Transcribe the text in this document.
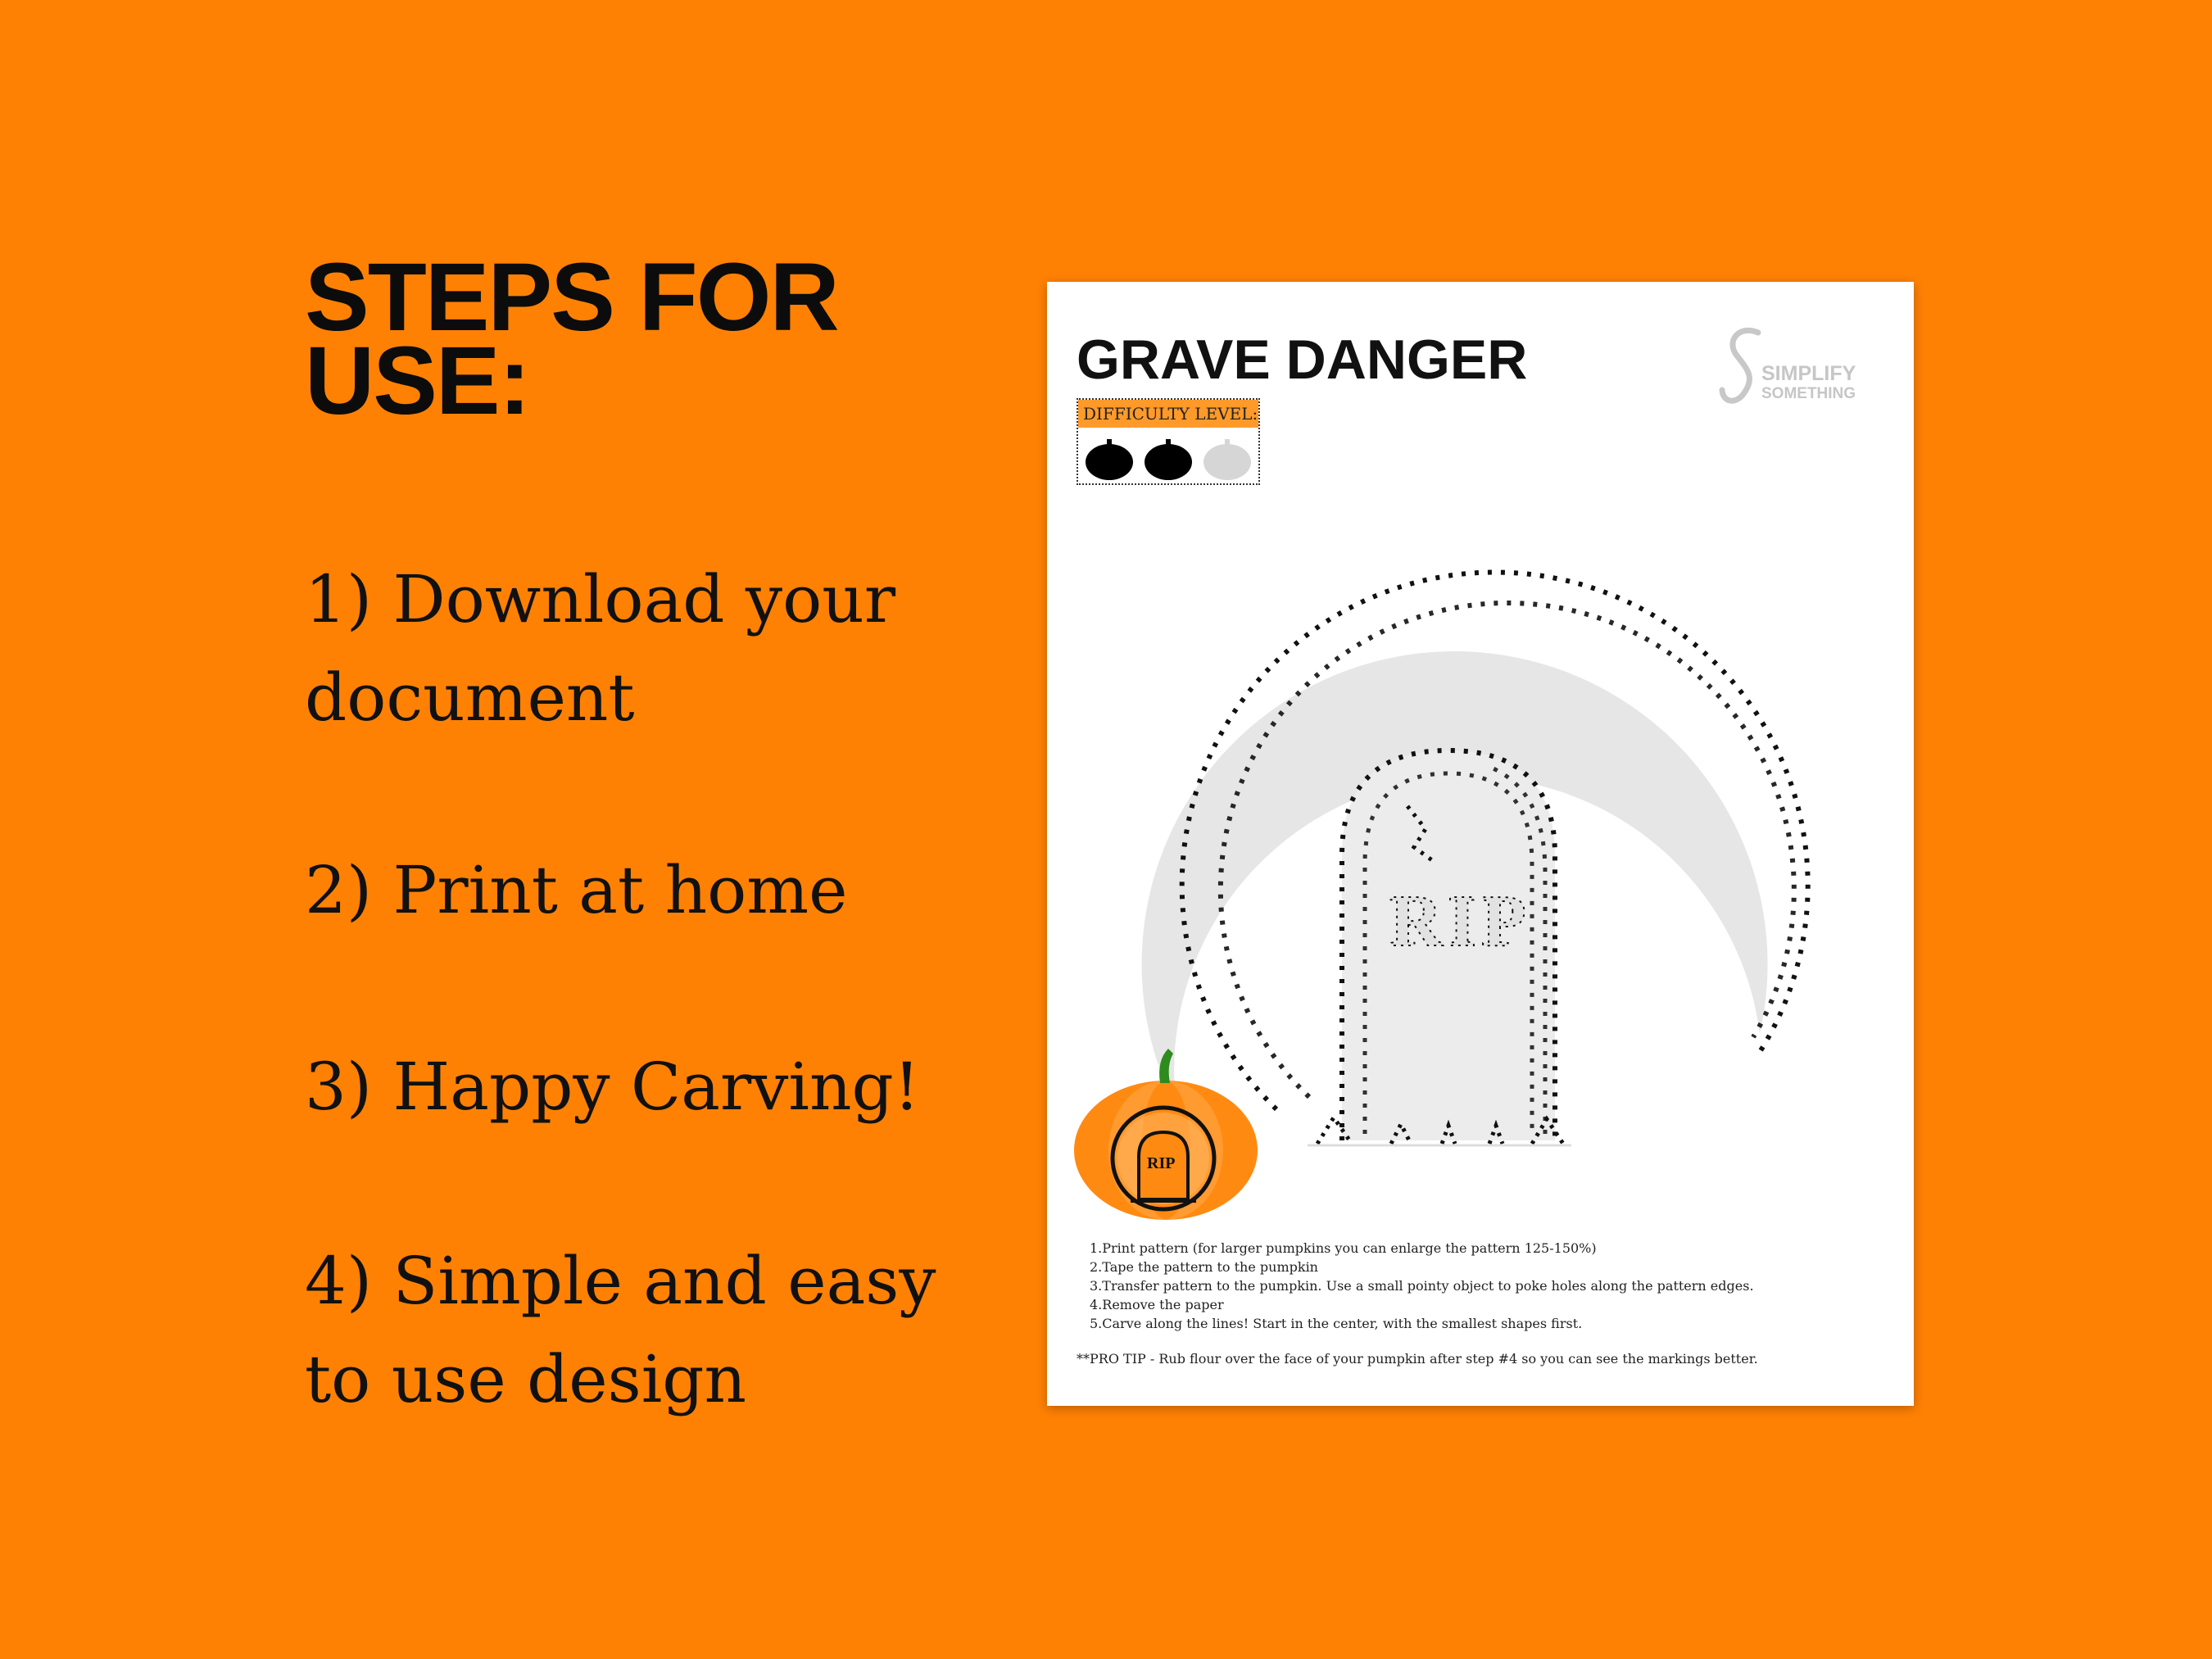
STEPS FOR
USE:
1) Download your
document
2) Print at home
3) Happy Carving!
4) Simple and easy
to use design
GRAVE DANGER	SIMPLIFY
SOMETHING
DIFFICULTY LEVEL:
RIP
RIP
1.Print pattern (for larger pumpkins you can enlarge the pattern 125-150%)
2.Tape the pattern to the pumpkin
3.Transfer pattern to the pumpkin. Use a small pointy object to poke holes along the pattern edges.
4.Remove the paper
5.Carve along the lines! Start in the center, with the smallest shapes first.
**PRO TIP - Rub flour over the face of your pumpkin after step #4 so you can see the markings better.
